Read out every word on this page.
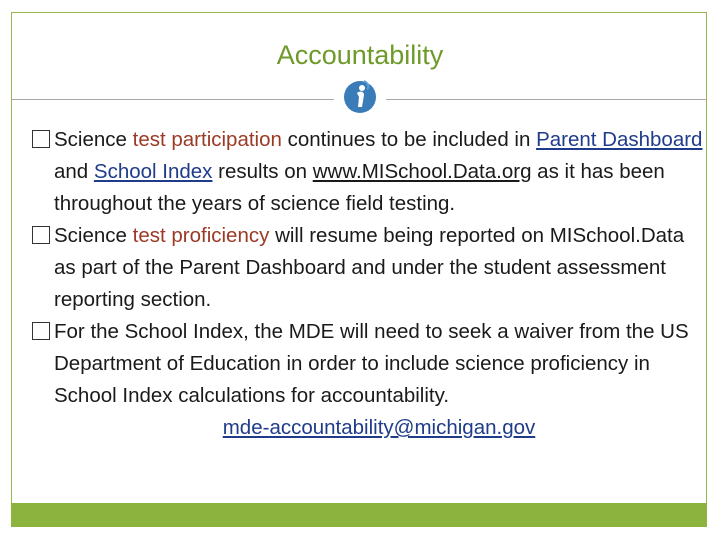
Accountability

Science test participation continues to be included in Parent Dashboard and School Index results on www.MISchool.Data.org as it has been throughout the years of science field testing.

Science test proficiency will resume being reported on MISchool.Data as part of the Parent Dashboard and under the student assessment reporting section.

For the School Index, the MDE will need to seek a waiver from the US Department of Education in order to include science proficiency in School Index calculations for accountability.

mde-accountability@michigan.gov
